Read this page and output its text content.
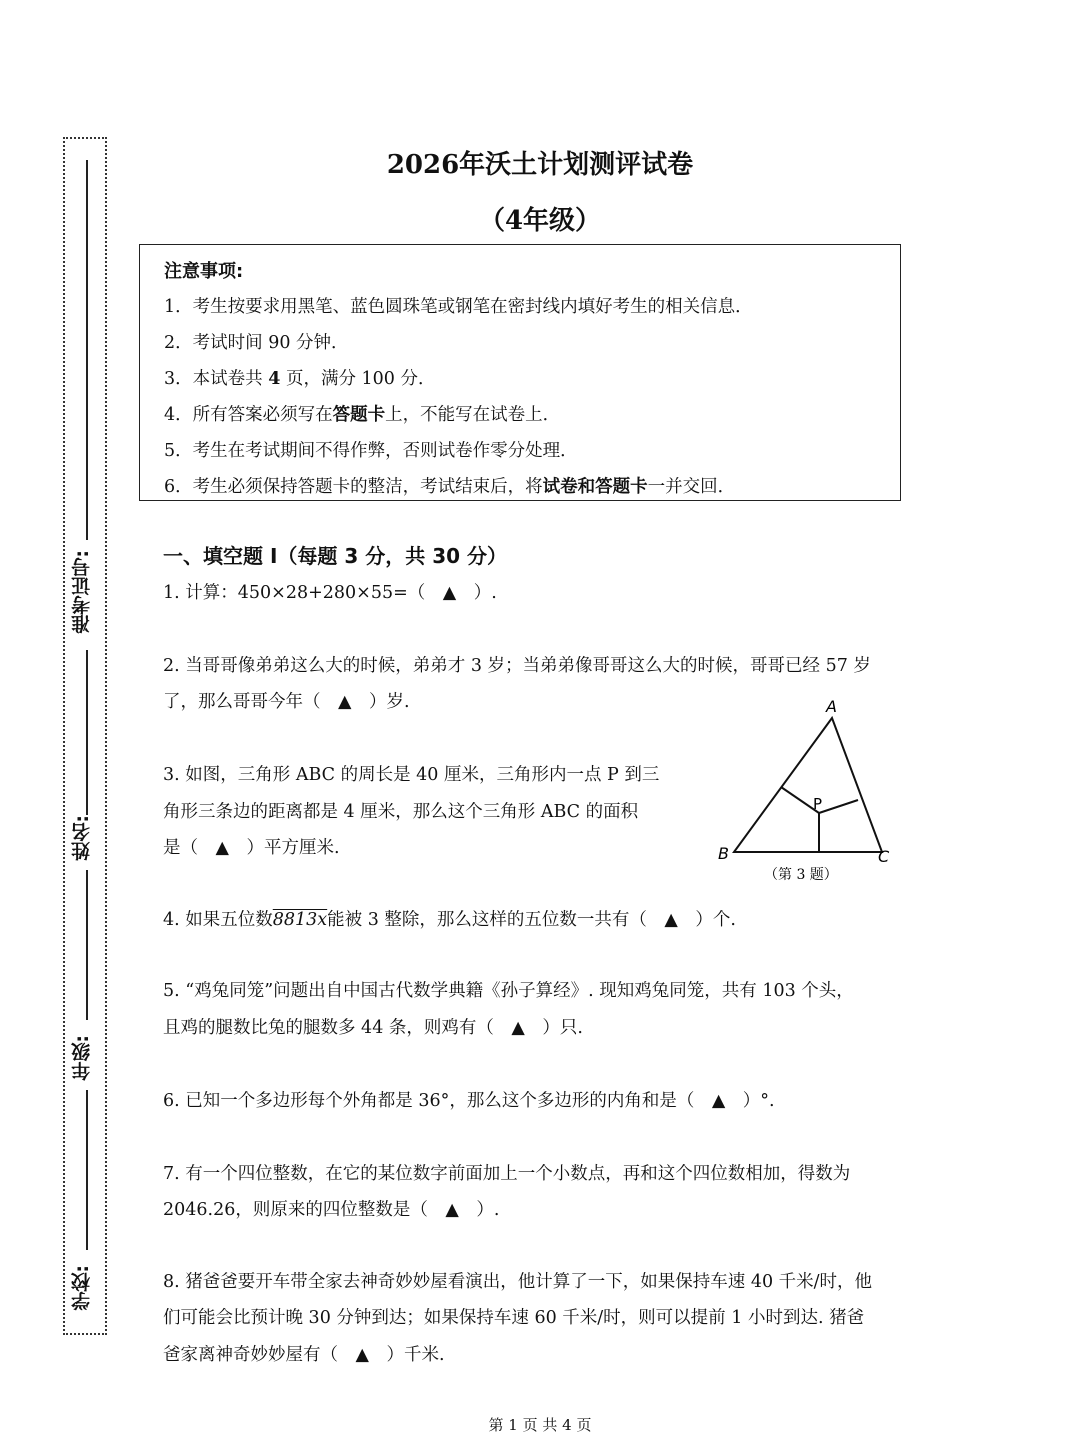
准考证号:
姓名:
年级:
学校:
2026年沃土计划测评试卷
（4年级）
注意事项:
1．考生按要求用黑笔、蓝色圆珠笔或钢笔在密封线内填好考生的相关信息．
2．考试时间 90 分钟．
3．本试卷共 4 页，满分 100 分．
4．所有答案必须写在答题卡上，不能写在试卷上．
5．考生在考试期间不得作弊，否则试卷作零分处理．
6．考生必须保持答题卡的整洁，考试结束后，将试卷和答题卡一并交回．
一、填空题 I（每题 3 分，共 30 分）
1. 计算：450×28+280×55=（　▲　）.
2. 当哥哥像弟弟这么大的时候，弟弟才 3 岁；当弟弟像哥哥这么大的时候，哥哥已经 57 岁
了，那么哥哥今年（　▲　）岁.
3. 如图，三角形 ABC 的周长是 40 厘米，三角形内一点 P 到三
角形三条边的距离都是 4 厘米，那么这个三角形 ABC 的面积
是（　▲　）平方厘米.
A
B	C
P
（第 3 题）
4. 如果五位数8813x能被 3 整除，那么这样的五位数一共有（　▲　）个.
5. “鸡兔同笼”问题出自中国古代数学典籍《孙子算经》. 现知鸡兔同笼，共有 103 个头，
且鸡的腿数比兔的腿数多 44 条，则鸡有（　▲　）只.
6. 已知一个多边形每个外角都是 36°，那么这个多边形的内角和是（　▲　）°.
7. 有一个四位整数，在它的某位数字前面加上一个小数点，再和这个四位数相加，得数为
2046.26，则原来的四位整数是（　▲　）.
8. 猪爸爸要开车带全家去神奇妙妙屋看演出，他计算了一下，如果保持车速 40 千米/时，他
们可能会比预计晚 30 分钟到达；如果保持车速 60 千米/时，则可以提前 1 小时到达. 猪爸
爸家离神奇妙妙屋有（　▲　）千米.
第 1 页 共 4 页
